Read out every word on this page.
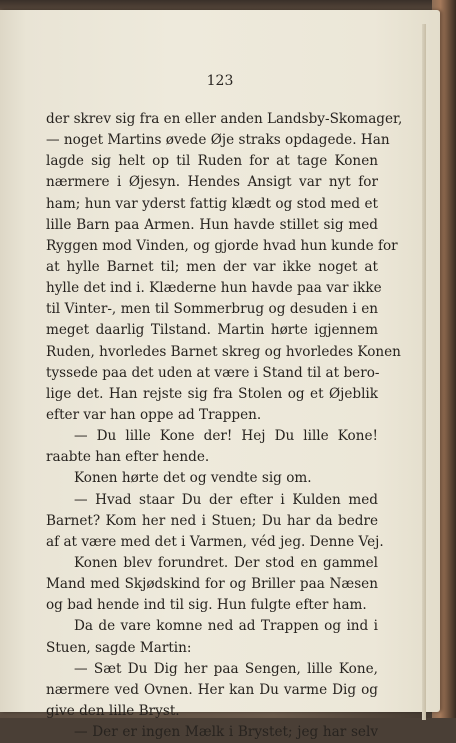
123

der skrev sig fra en eller anden Landsby-Skomager,
— noget Martins øvede Øje straks opdagede. Han
lagde sig helt op til Ruden for at tage Konen
nærmere i Øjesyn. Hendes Ansigt var nyt for
ham; hun var yderst fattig klædt og stod med et
lille Barn paa Armen. Hun havde stillet sig med
Ryggen mod Vinden, og gjorde hvad hun kunde for
at hylle Barnet til; men der var ikke noget at
hylle det ind i. Klæderne hun havde paa var ikke
til Vinter-, men til Sommerbrug og desuden i en
meget daarlig Tilstand. Martin hørte igjennem
Ruden, hvorledes Barnet skreg og hvorledes Konen
tyssede paa det uden at være i Stand til at bero-
lige det. Han rejste sig fra Stolen og et Øjeblik
efter var han oppe ad Trappen.
— Du lille Kone der! Hej Du lille Kone!
raabte han efter hende.
Konen hørte det og vendte sig om.
— Hvad staar Du der efter i Kulden med
Barnet? Kom her ned i Stuen; Du har da bedre
af at være med det i Varmen, véd jeg. Denne Vej.
Konen blev forundret. Der stod en gammel
Mand med Skjødskind for og Briller paa Næsen
og bad hende ind til sig. Hun fulgte efter ham.
Da de vare komne ned ad Trappen og ind i
Stuen, sagde Martin:
— Sæt Du Dig her paa Sengen, lille Kone,
nærmere ved Ovnen. Her kan Du varme Dig og
give den lille Bryst.
— Der er ingen Mælk i Brystet; jeg har selv
